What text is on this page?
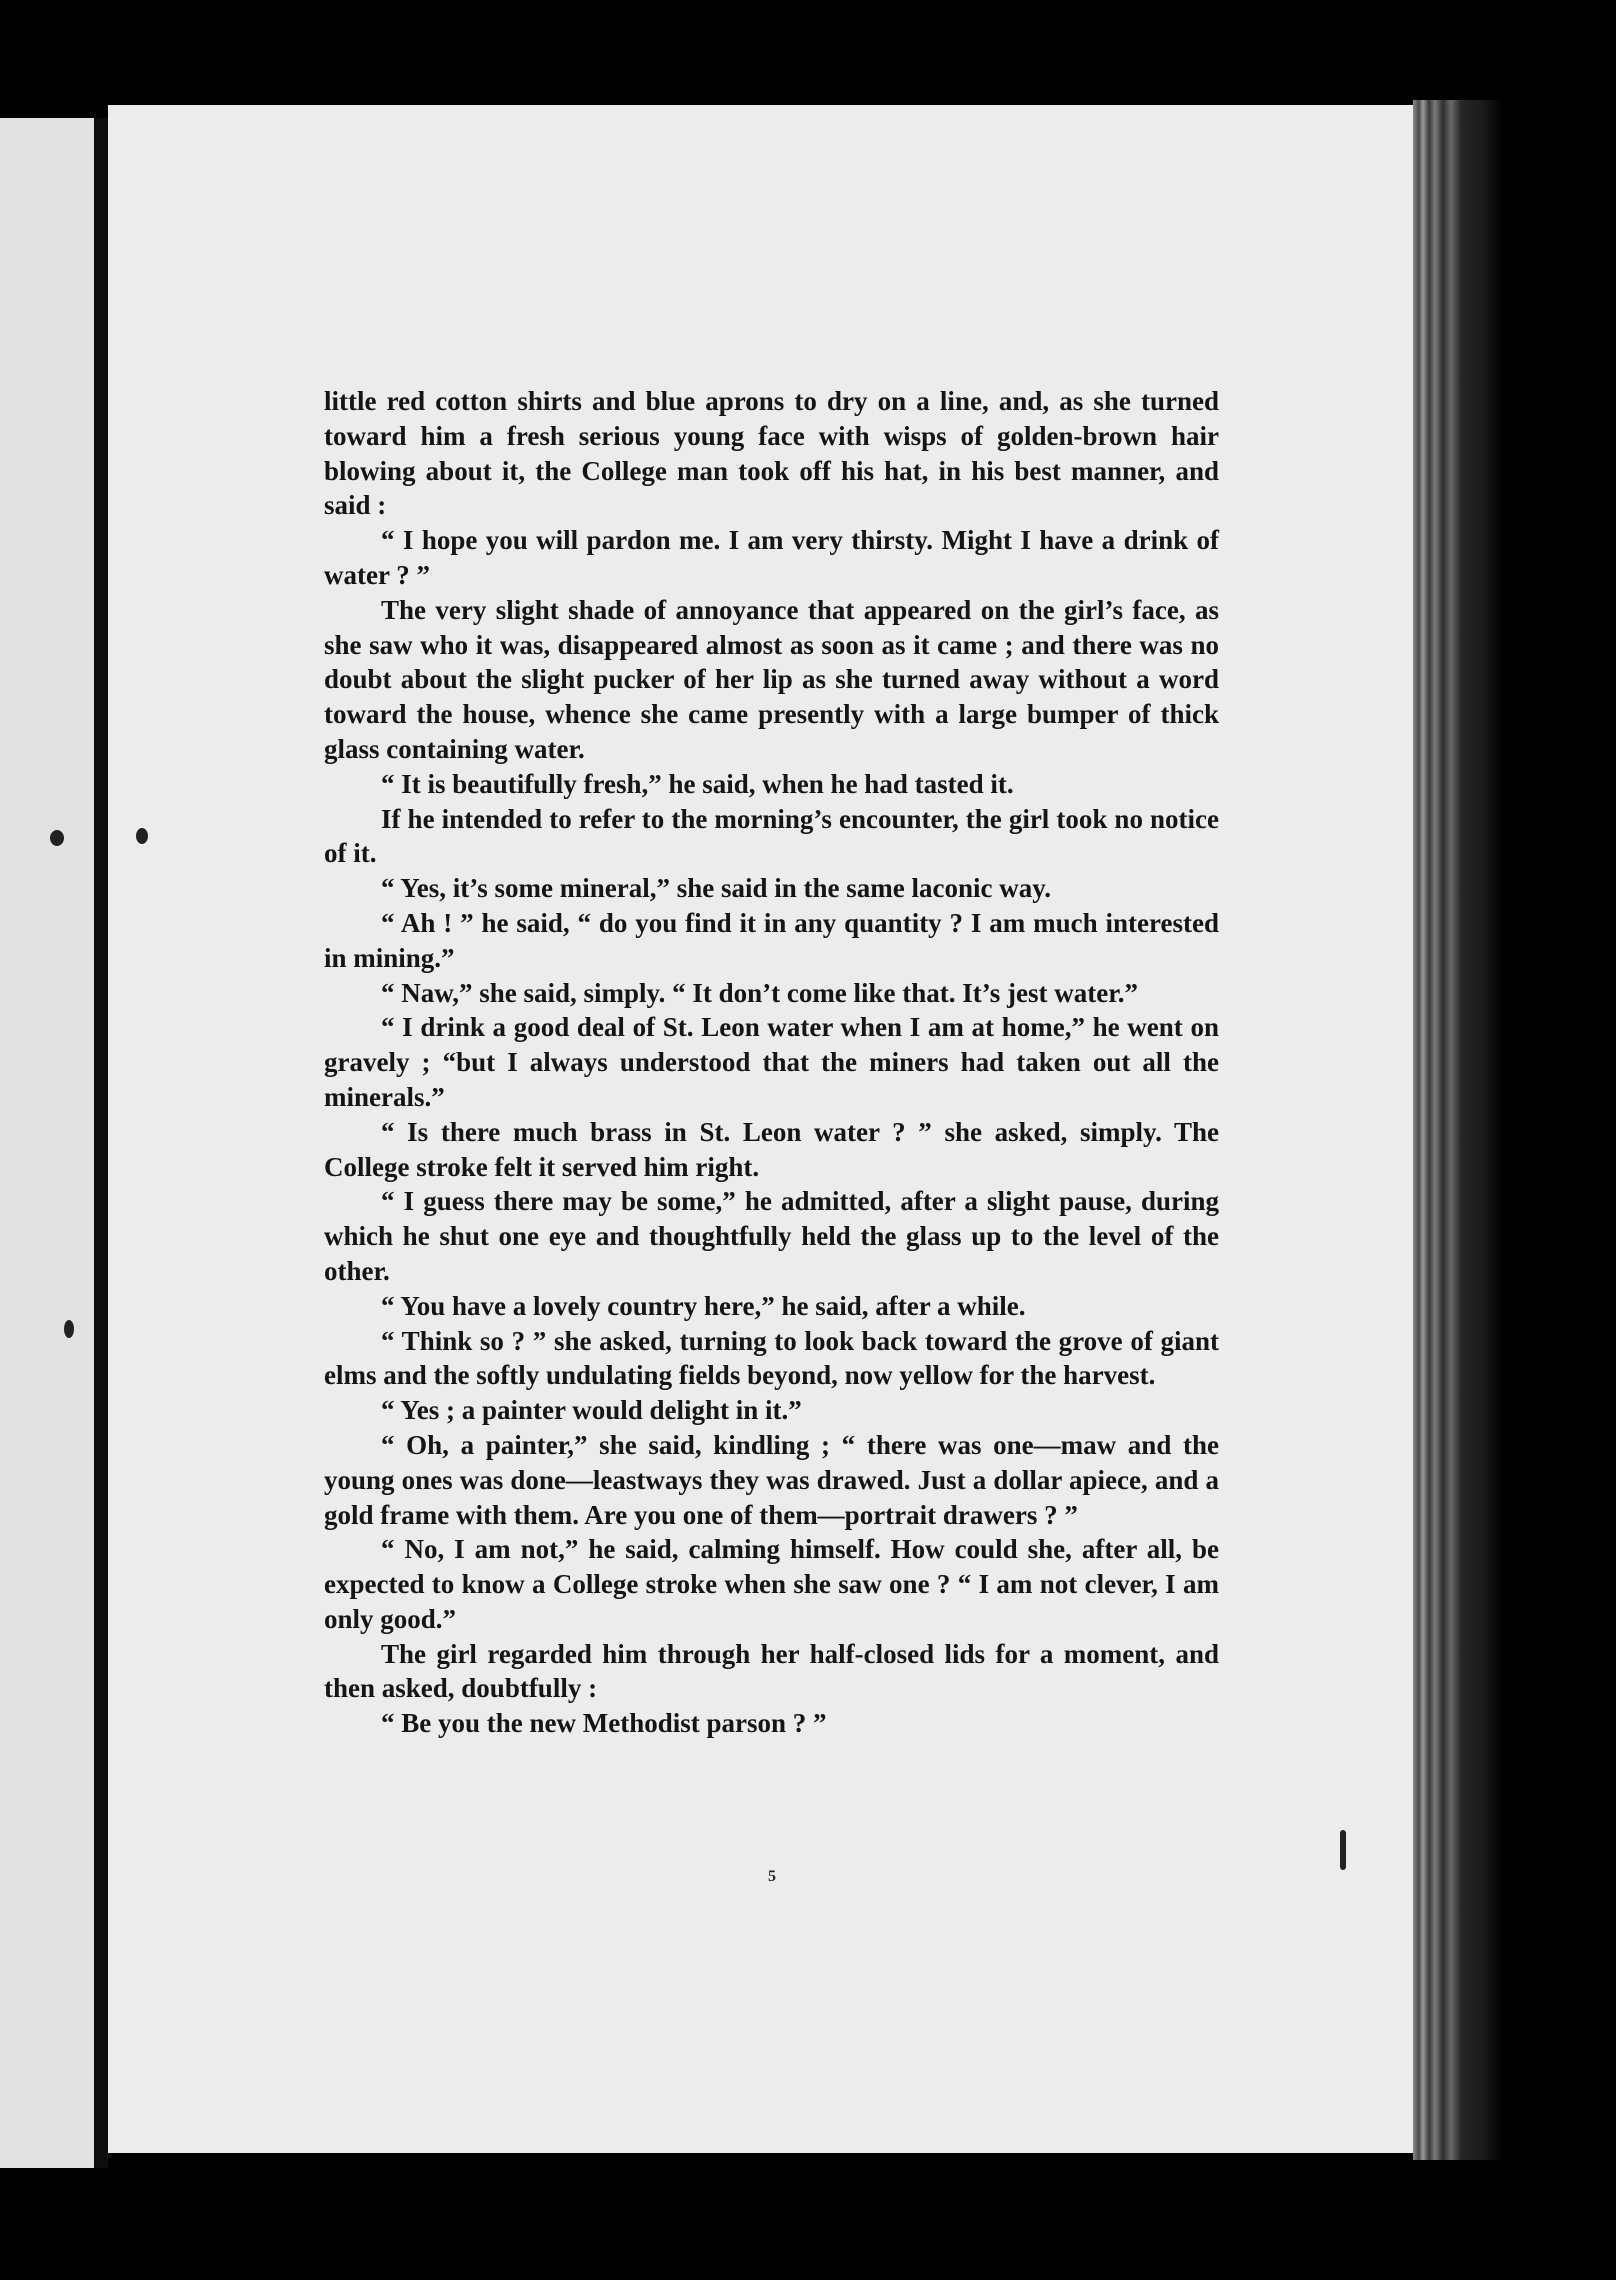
little red cotton shirts and blue aprons to dry on a line, and, as she turned toward him a fresh serious young face with wisps of golden-brown hair blowing about it, the College man took off his hat, in his best manner, and said :

“ I hope you will pardon me. I am very thirsty. Might I have a drink of water ? ”

The very slight shade of annoyance that appeared on the girl’s face, as she saw who it was, disappeared almost as soon as it came ; and there was no doubt about the slight pucker of her lip as she turned away without a word toward the house, whence she came presently with a large bumper of thick glass containing water.

“ It is beautifully fresh,” he said, when he had tasted it.

If he intended to refer to the morning’s encounter, the girl took no notice of it.

“ Yes, it’s some mineral,” she said in the same laconic way.

“ Ah ! ” he said, “ do you find it in any quantity ? I am much interested in mining.”

“ Naw,” she said, simply. “ It don’t come like that. It’s jest water.”

“ I drink a good deal of St. Leon water when I am at home,” he went on gravely ; “but I always understood that the miners had taken out all the minerals.”

“ Is there much brass in St. Leon water ? ” she asked, simply. The College stroke felt it served him right.

“ I guess there may be some,” he admitted, after a slight pause, during which he shut one eye and thoughtfully held the glass up to the level of the other.

“ You have a lovely country here,” he said, after a while.

“ Think so ? ” she asked, turning to look back toward the grove of giant elms and the softly undulating fields beyond, now yellow for the harvest.

“ Yes ; a painter would delight in it.”

“ Oh, a painter,” she said, kindling ; “ there was one—maw and the young ones was done—leastways they was drawed. Just a dollar apiece, and a gold frame with them. Are you one of them—portrait drawers ? ”

“ No, I am not,” he said, calming himself. How could she, after all, be expected to know a College stroke when she saw one ? “ I am not clever, I am only good.”

The girl regarded him through her half-closed lids for a moment, and then asked, doubtfully :

“ Be you the new Methodist parson ? ”

5
